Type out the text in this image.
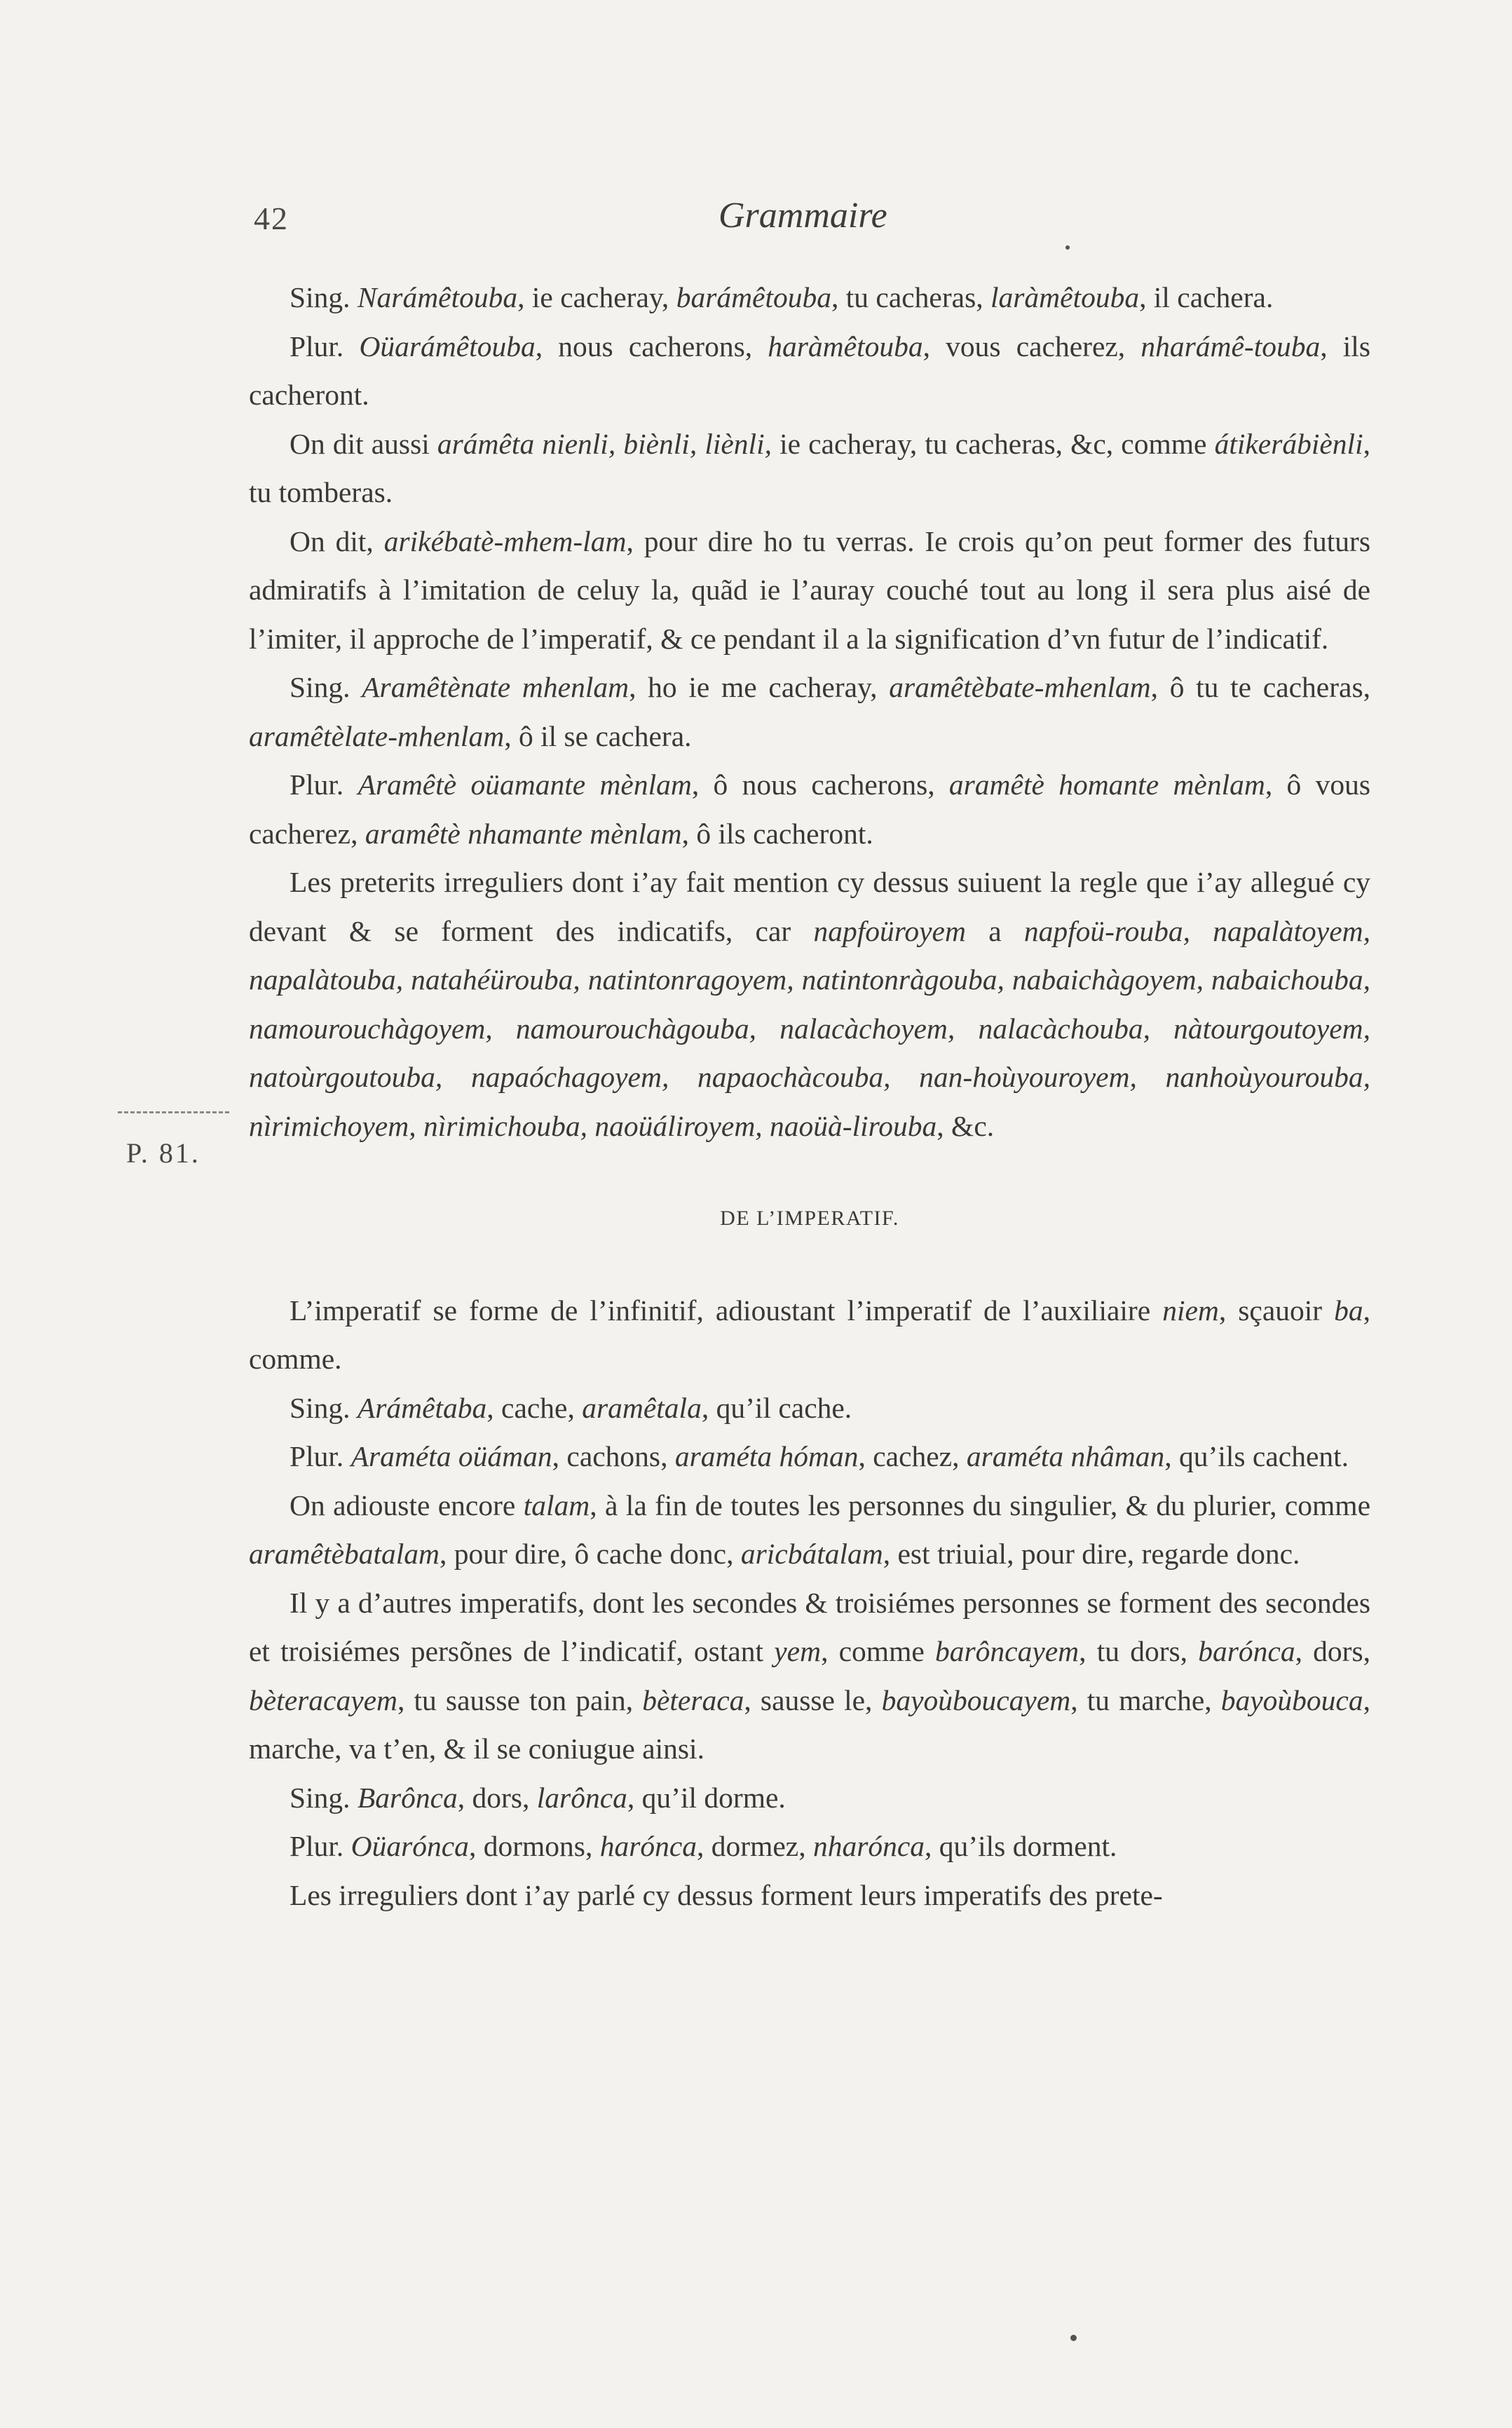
42	Grammaire
P. 81.

Sing. Narámêtouba, ie cacheray, barámêtouba, tu cacheras, laràmêtouba, il cachera.

Plur. Oüarámêtouba, nous cacherons, haràmêtouba, vous cacherez, nharámê-touba, ils cacheront.

On dit aussi arámêta nienli, biènli, liènli, ie cacheray, tu cacheras, &c, comme átikerábiènli, tu tomberas.

On dit, arikébatè-mhem-lam, pour dire ho tu verras. Ie crois qu’on peut former des futurs admiratifs à l’imitation de celuy la, quãd ie l’auray couché tout au long il sera plus aisé de l’imiter, il approche de l’imperatif, & ce pendant il a la signification d’vn futur de l’indicatif.

Sing. Aramêtènate mhenlam, ho ie me cacheray, aramêtèbate-mhenlam, ô tu te cacheras, aramêtèlate-mhenlam, ô il se cachera.

Plur. Aramêtè oüamante mènlam, ô nous cacherons, aramêtè homante mènlam, ô vous cacherez, aramêtè nhamante mènlam, ô ils cacheront.

Les preterits irreguliers dont i’ay fait mention cy dessus suiuent la regle que i’ay allegué cy devant & se forment des indicatifs, car napfoüroyem a napfoü-rouba, napalàtoyem, napalàtouba, natahéürouba, natintonragoyem, natintonràgouba, nabaichàgoyem, nabaichouba, namourouchàgoyem, namourouchàgouba, nalacàchoyem, nalacàchouba, nàtourgoutoyem, natoùrgoutouba, napaóchagoyem, napaochàcouba, nan-hoùyouroyem, nanhoùyourouba, nìrimichoyem, nìrimichouba, naoüáliroyem, naoüà-lirouba, &c.

DE L’IMPERATIF.

L’imperatif se forme de l’infinitif, adioustant l’imperatif de l’auxiliaire niem, sçauoir ba, comme.

Sing. Arámêtaba, cache, aramêtala, qu’il cache.

Plur. Araméta oüáman, cachons, araméta hóman, cachez, araméta nhâman, qu’ils cachent.

On adiouste encore talam, à la fin de toutes les personnes du singulier, & du plurier, comme aramêtèbatalam, pour dire, ô cache donc, aricbátalam, est triuial, pour dire, regarde donc.

Il y a d’autres imperatifs, dont les secondes & troisiémes personnes se forment des secondes et troisiémes persõnes de l’indicatif, ostant yem, comme barôncayem, tu dors, barónca, dors, bèteracayem, tu sausse ton pain, bèteraca, sausse le, bayoùboucayem, tu marche, bayoùbouca, marche, va t’en, & il se coniugue ainsi.

Sing. Barônca, dors, larônca, qu’il dorme.

Plur. Oüarónca, dormons, harónca, dormez, nharónca, qu’ils dorment.

Les irreguliers dont i’ay parlé cy dessus forment leurs imperatifs des prete-
